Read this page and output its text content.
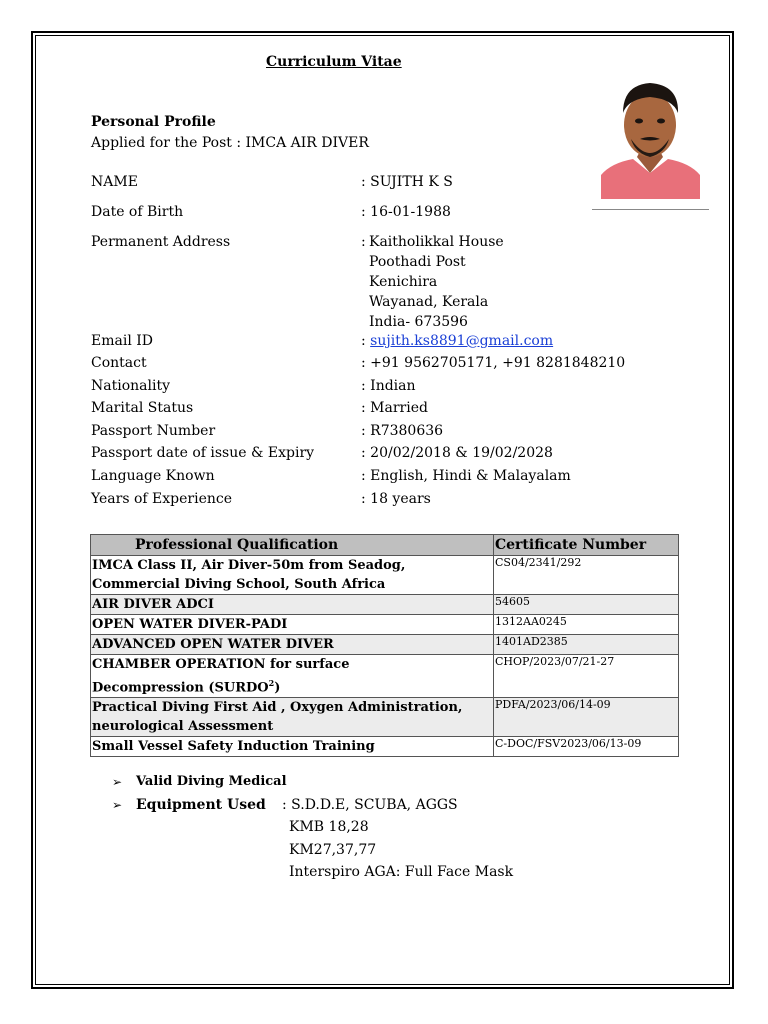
Curriculum Vitae
Personal Profile
Applied for the Post : IMCA AIR DIVER
NAME	: SUJITH K S
Date of Birth	: 16-01-1988
Permanent Address	: Kaitholikkal House
Poothadi Post
Kenichira
Wayanad, Kerala
India- 673596
Email ID	: sujith.ks8891@gmail.com
Contact	: +91 9562705171, +91 8281848210
Nationality	: Indian
Marital Status	: Married
Passport Number	: R7380636
Passport date of issue & Expiry	: 20/02/2018 & 19/02/2028
Language Known	: English, Hindi & Malayalam
Years of Experience	: 18 years
Professional Qualification	Certificate Number

IMCA Class II, Air Diver-50m from Seadog,
Commercial Diving School, South Africa	CS04/2341/292
AIR DIVER ADCI	54605
OPEN WATER DIVER-PADI	1312AA0245
ADVANCED OPEN WATER DIVER	1401AD2385

CHAMBER OPERATION for surface
Decompression (SURDO$^2$)	CHOP/2023/07/21-27

Practical Diving First Aid , Oxygen Administration,
neurological Assessment	PDFA/2023/06/14-09
Small Vessel Safety Induction Training	C-DOC/FSV2023/06/13-09
➢ Valid Diving Medical
➢ Equipment Used : S.D.D.E, SCUBA, AGGS
KMB 18,28
KM27,37,77
Interspiro AGA: Full Face Mask
